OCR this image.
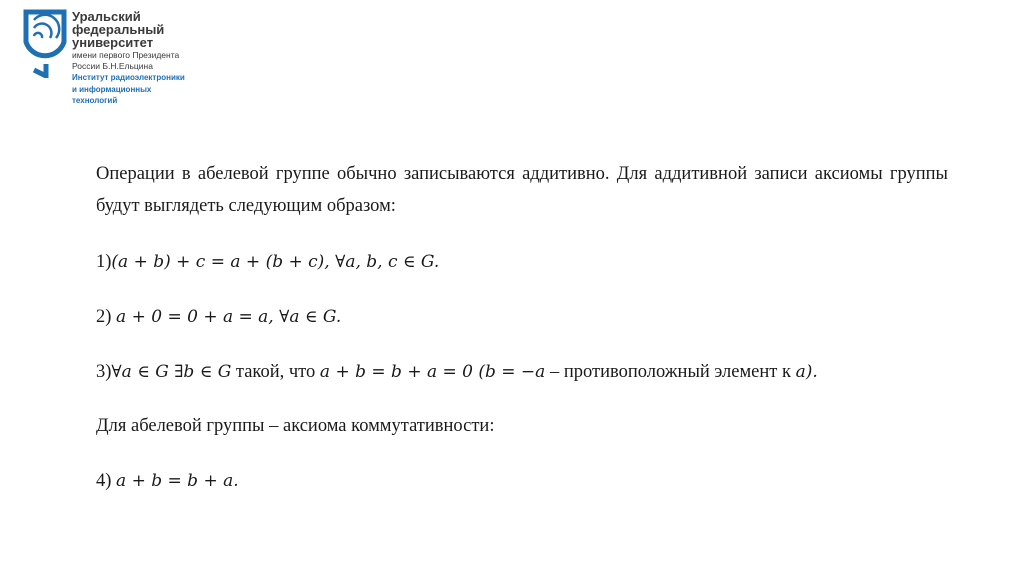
Уральский
федеральный
университет
имени первого Президента
России Б.Н.Ельцина
Институт радиоэлектроники
и информационных
технологий

Операции в абелевой группе обычно записываются аддитивно. Для аддитивной записи аксиомы группы будут выглядеть следующим образом:

1)(a + b) + c = a + (b + c), ∀a, b, c ∈ G.
2) a + 0 = 0 + a = a, ∀a ∈ G.
3)∀a ∈ G ∃b ∈ G такой, что a + b = b + a = 0 (b = −a – противоположный элемент к a).
Для абелевой группы – аксиома коммутативности:
4) a + b = b + a.
